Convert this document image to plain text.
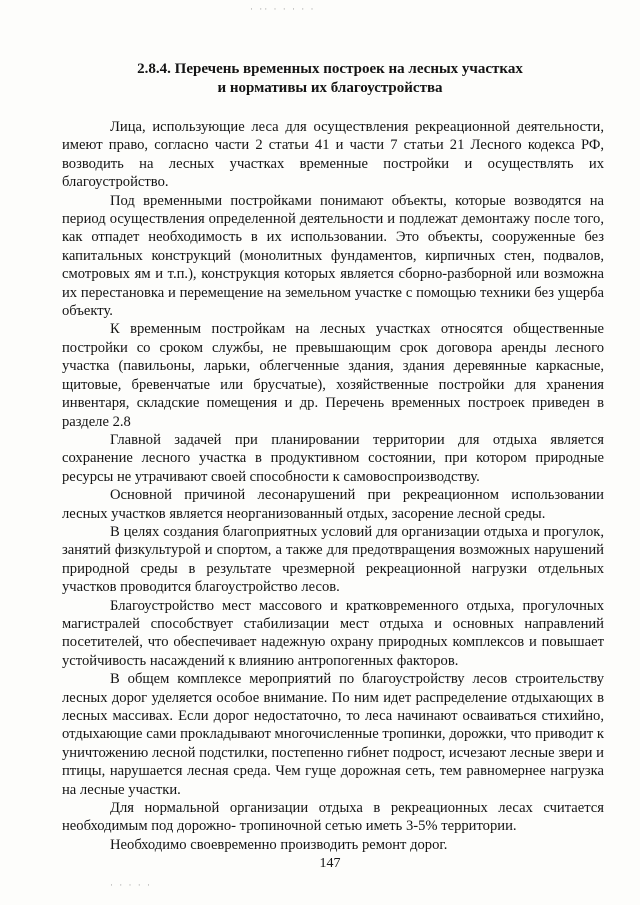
· ·· · · · · ·
2.8.4. Перечень временных построек на лесных участках
и нормативы их благоустройства

Лица, использующие леса для осуществления рекреационной деятельности, имеют право, согласно части 2 статьи 41 и части 7 статьи 21 Лесного кодекса РФ, возводить на лесных участках временные постройки и осуществлять их благоустройство.

Под временными постройками понимают объекты, которые возводятся на период осуществления определенной деятельности и подлежат демонтажу после того, как отпадет необходимость в их использовании. Это объекты, сооруженные без капитальных конструкций (монолитных фундаментов, кирпичных стен, подвалов, смотровых ям и т.п.), конструкция которых является сборно-разборной или возможна их перестановка и перемещение на земельном участке с помощью техники без ущерба объекту.

К временным постройкам на лесных участках относятся общественные постройки со сроком службы, не превышающим срок договора аренды лесного участка (павильоны, ларьки, облегченные здания, здания деревянные каркасные, щитовые, бревенчатые или брусчатые), хозяйственные постройки для хранения инвентаря, складские помещения и др. Перечень временных построек приведен в разделе 2.8

Главной задачей при планировании территории для отдыха является сохранение лесного участка в продуктивном состоянии, при котором природные ресурсы не утрачивают своей способности к самовоспроизводству.

Основной причиной лесонарушений при рекреационном использовании лесных участков является неорганизованный отдых, засорение лесной среды.

В целях создания благоприятных условий для организации отдыха и прогулок, занятий физкультурой и спортом, а также для предотвращения возможных нарушений природной среды в результате чрезмерной рекреационной нагрузки отдельных участков проводится благоустройство лесов.

Благоустройство мест массового и кратковременного отдыха, прогулочных магистралей способствует стабилизации мест отдыха и основных направлений посетителей, что обеспечивает надежную охрану природных комплексов и повышает устойчивость насаждений к влиянию антропогенных факторов.

В общем комплексе мероприятий по благоустройству лесов строительству лесных дорог уделяется особое внимание. По ним идет распределение отдыхающих в лесных массивах. Если дорог недостаточно, то леса начинают осваиваться стихийно, отдыхающие сами прокладывают многочисленные тропинки, дорожки, что приводит к уничтожению лесной подстилки, постепенно гибнет подрост, исчезают лесные звери и птицы, нарушается лесная среда. Чем гуще дорожная сеть, тем равномернее нагрузка на лесные участки.

Для нормальной организации отдыха в рекреационных лесах считается необходимым под дорожно- тропиночной сетью иметь 3-5% территории.

Необходимо своевременно производить ремонт дорог.

147
· · · · ·
